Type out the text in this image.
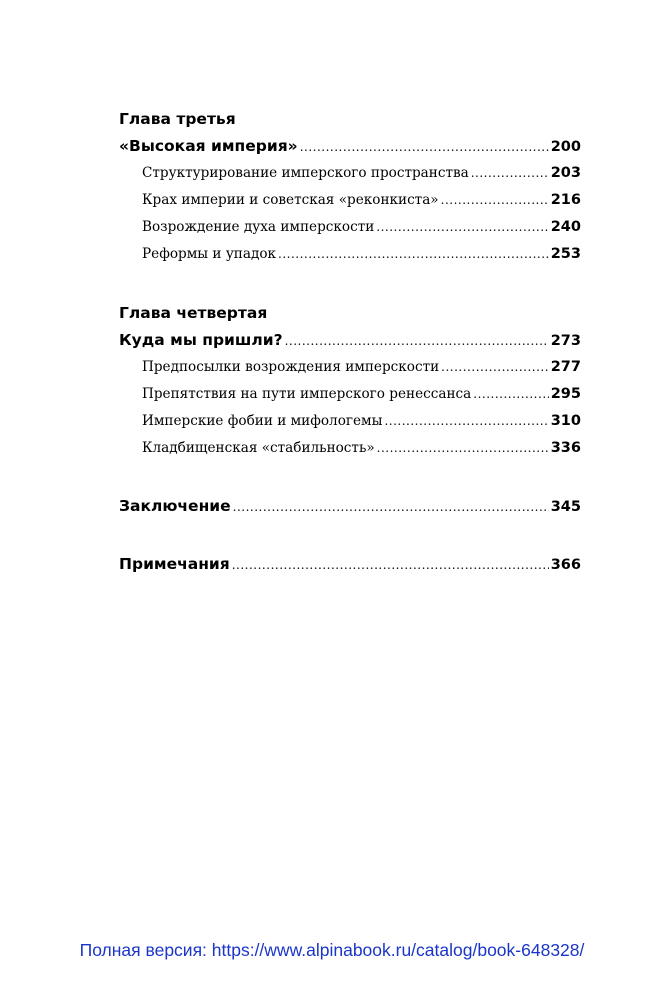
Глава третья
«Высокая империя» .....	200
Структурирование имперского пространства .....	203
Крах империи и советская «реконкиста» .....	216
Возрождение духа имперскости .....	240
Реформы и упадок .....	253
Глава четвертая
Куда мы пришли? .....	273
Предпосылки возрождения имперскости .....	277
Препятствия на пути имперского ренессанса .....	295
Имперские фобии и мифологемы .....	310
Кладбищенская «стабильность» .....	336
Заключение .....	345
Примечания .....	366
Полная версия: https://www.alpinabook.ru/catalog/book-648328/
